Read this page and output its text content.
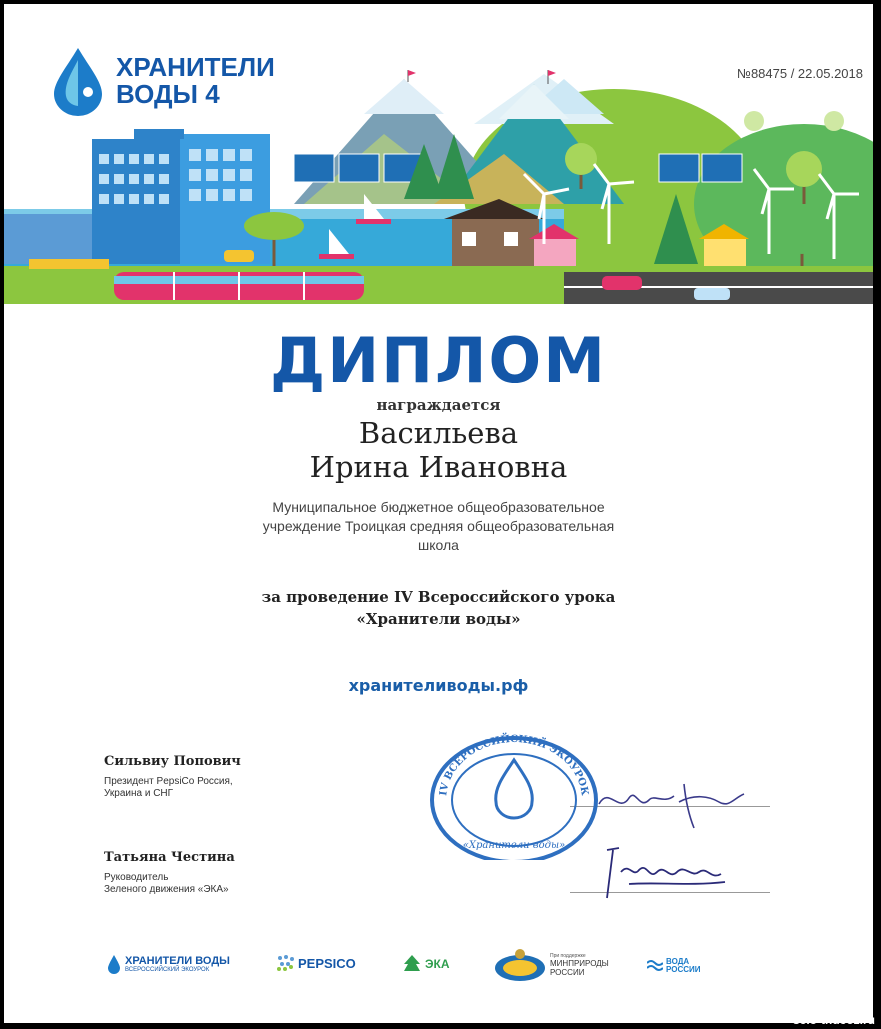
ХРАНИТЕЛИ
ВОДЫ 4
№88475 / 22.05.2018
ДИПЛОМ
награждается
Васильева
Ирина Ивановна
Муниципальное бюджетное общеобразовательное
учреждение Троицкая средняя общеобразовательная
школа
за проведение IV Всероссийского урока
«Хранители воды»
хранителиводы.рф
Сильвиу Попович
Президент PepsiCo Россия,
Украина и СНГ
Татьяна Честина
Руководитель
Зеленого движения «ЭКА»
IV ВСЕРОССИЙСКИЙ ЭКОУРОК
«Хранители воды»
ХРАНИТЕЛИ ВОДЫ
ВСЕРОССИЙСКИЙ ЭКОУРОК	PEPSICO	ЭКА
При поддержке
МИНПРИРОДЫ
РОССИИ
ВОДА
РОССИИ
selo-tr.ucoz.ru
